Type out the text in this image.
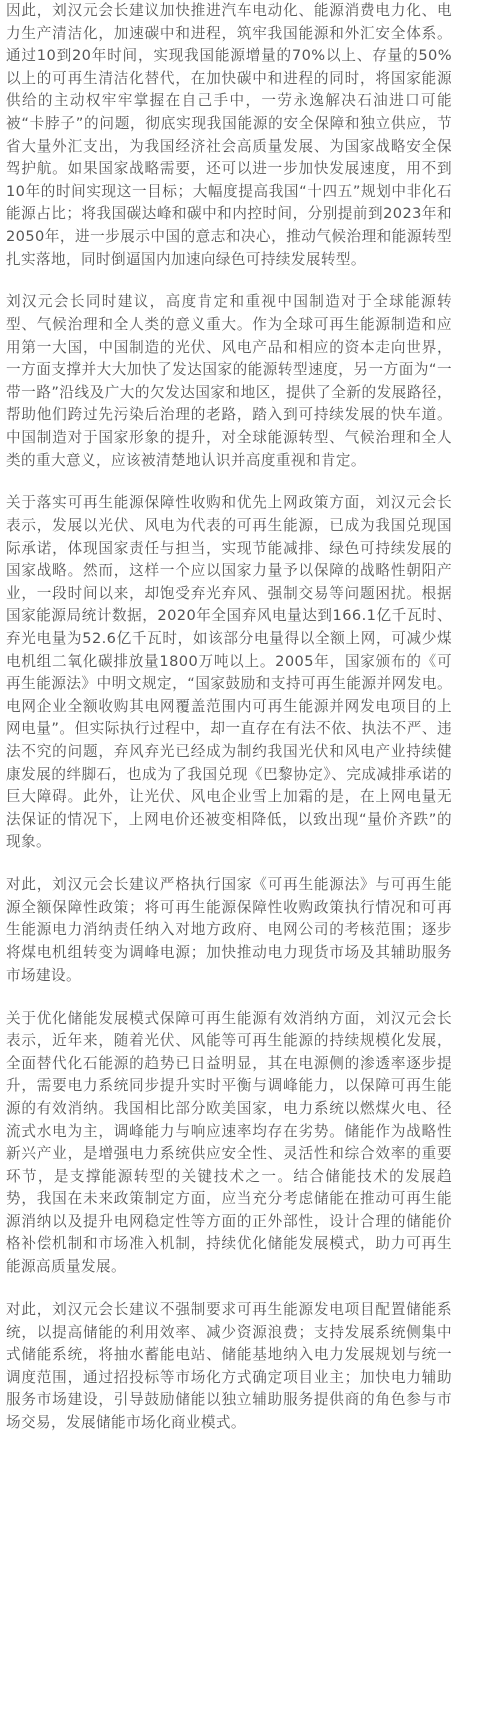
因此，刘汉元会长建议加快推进汽车电动化、能源消费电力化、电力生产清洁化，加速碳中和进程，筑牢我国能源和外汇安全体系。通过10到20年时间，实现我国能源增量的70%以上、存量的50%以上的可再生清洁化替代，在加快碳中和进程的同时，将国家能源供给的主动权牢牢掌握在自己手中，一劳永逸解决石油进口可能被“卡脖子”的问题，彻底实现我国能源的安全保障和独立供应，节省大量外汇支出，为我国经济社会高质量发展、为国家战略安全保驾护航。如果国家战略需要，还可以进一步加快发展速度，用不到10年的时间实现这一目标；大幅度提高我国“十四五”规划中非化石能源占比；将我国碳达峰和碳中和内控时间，分别提前到2023年和2050年，进一步展示中国的意志和决心，推动气候治理和能源转型扎实落地，同时倒逼国内加速向绿色可持续发展转型。

刘汉元会长同时建议，高度肯定和重视中国制造对于全球能源转型、气候治理和全人类的意义重大。作为全球可再生能源制造和应用第一大国，中国制造的光伏、风电产品和相应的资本走向世界，一方面支撑并大大加快了发达国家的能源转型速度，另一方面为“一带一路”沿线及广大的欠发达国家和地区，提供了全新的发展路径，帮助他们跨过先污染后治理的老路，踏入到可持续发展的快车道。中国制造对于国家形象的提升，对全球能源转型、气候治理和全人类的重大意义，应该被清楚地认识并高度重视和肯定。

关于落实可再生能源保障性收购和优先上网政策方面，刘汉元会长表示，发展以光伏、风电为代表的可再生能源，已成为我国兑现国际承诺，体现国家责任与担当，实现节能减排、绿色可持续发展的国家战略。然而，这样一个应以国家力量予以保障的战略性朝阳产业，一段时间以来，却饱受弃光弃风、强制交易等问题困扰。根据国家能源局统计数据，2020年全国弃风电量达到166.1亿千瓦时、弃光电量为52.6亿千瓦时，如该部分电量得以全额上网，可减少煤电机组二氧化碳排放量1800万吨以上。2005年，国家颁布的《可再生能源法》中明文规定，“国家鼓励和支持可再生能源并网发电。电网企业全额收购其电网覆盖范围内可再生能源并网发电项目的上网电量”。但实际执行过程中，却一直存在有法不依、执法不严、违法不究的问题，弃风弃光已经成为制约我国光伏和风电产业持续健康发展的绊脚石，也成为了我国兑现《巴黎协定》、完成减排承诺的巨大障碍。此外，让光伏、风电企业雪上加霜的是，在上网电量无法保证的情况下，上网电价还被变相降低，以致出现“量价齐跌”的现象。

对此，刘汉元会长建议严格执行国家《可再生能源法》与可再生能源全额保障性政策；将可再生能源保障性收购政策执行情况和可再生能源电力消纳责任纳入对地方政府、电网公司的考核范围；逐步将煤电机组转变为调峰电源；加快推动电力现货市场及其辅助服务市场建设。

关于优化储能发展模式保障可再生能源有效消纳方面，刘汉元会长表示，近年来，随着光伏、风能等可再生能源的持续规模化发展，全面替代化石能源的趋势已日益明显，其在电源侧的渗透率逐步提升，需要电力系统同步提升实时平衡与调峰能力，以保障可再生能源的有效消纳。我国相比部分欧美国家，电力系统以燃煤火电、径流式水电为主，调峰能力与响应速率均存在劣势。储能作为战略性新兴产业，是增强电力系统供应安全性、灵活性和综合效率的重要环节，是支撑能源转型的关键技术之一。结合储能技术的发展趋势，我国在未来政策制定方面，应当充分考虑储能在推动可再生能源消纳以及提升电网稳定性等方面的正外部性，设计合理的储能价格补偿机制和市场准入机制，持续优化储能发展模式，助力可再生能源高质量发展。

对此，刘汉元会长建议不强制要求可再生能源发电项目配置储能系统，以提高储能的利用效率、减少资源浪费；支持发展系统侧集中式储能系统，将抽水蓄能电站、储能基地纳入电力发展规划与统一调度范围，通过招投标等市场化方式确定项目业主；加快电力辅助服务市场建设，引导鼓励储能以独立辅助服务提供商的角色参与市场交易，发展储能市场化商业模式。
